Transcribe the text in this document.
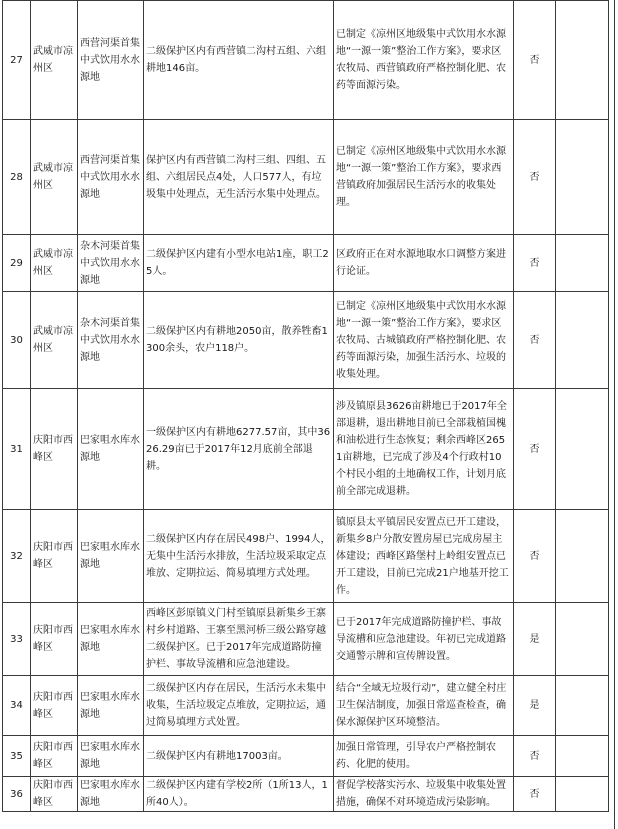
27	武威市凉州区	西营河渠首集中式饮用水水源地	二级保护区内有西营镇二沟村五组、六组耕地146亩。	已制定《凉州区地级集中式饮用水水源地“一源一策”整治工作方案》，要求区农牧局、西营镇政府严格控制化肥、农药等面源污染。	否	
28	武威市凉州区	西营河渠首集中式饮用水水源地	保护区内有西营镇二沟村三组、四组、五组、六组居民点4处，人口577人，有垃圾集中处理点，无生活污水集中处理点。	已制定《凉州区地级集中式饮用水水源地“一源一策”整治工作方案》，要求西营镇政府加强居民生活污水的收集处理。	否	
29	武威市凉州区	杂木河渠首集中式饮用水水源地	二级保护区内建有小型水电站1座，职工25人。	区政府正在对水源地取水口调整方案进行论证。	否	
30	武威市凉州区	杂木河渠首集中式饮用水水源地	二级保护区内有耕地2050亩，散养牲畜1300余头，农户118户。	已制定《凉州区地级集中式饮用水水源地“一源一策”整治工作方案》，要求区农牧局、古城镇政府严格控制化肥、农药等面源污染，加强生活污水、垃圾的收集处理。	否	
31	庆阳市西峰区	巴家咀水库水源地	一级保护区内有耕地6277.57亩，其中3626.29亩已于2017年12月底前全部退耕。	涉及镇原县3626亩耕地已于2017年全部退耕，退出耕地目前已全部栽植国槐和油松进行生态恢复；剩余西峰区2651亩耕地，已完成了涉及4个行政村10个村民小组的土地确权工作，计划月底前全部完成退耕。	否	
32	庆阳市西峰区	巴家咀水库水源地	二级保护区内存在居民498户、1994人，无集中生活污水排放，生活垃圾采取定点堆放、定期拉运、简易填埋方式处理。	镇原县太平镇居民安置点已开工建设，新集乡8户分散安置房屋已完成房屋主体建设；西峰区路堡村上岭组安置点已开工建设，目前已完成21户地基开挖工作。	否	
33	庆阳市西峰区	巴家咀水库水源地	西峰区彭原镇义门村至镇原县新集乡王寨村乡村道路、王寨至黑河桥三级公路穿越二级保护区。已于2017年完成道路防撞护栏、事故导流槽和应急池建设。	已于2017年完成道路防撞护栏、事故导流槽和应急池建设。年初已完成道路交通警示牌和宣传牌设置。	是	
34	庆阳市西峰区	巴家咀水库水源地	二级保护区内存在居民，生活污水未集中收集，生活垃圾定点堆放，定期拉运，通过简易填埋方式处置。	结合“全域无垃圾行动”，建立健全村庄卫生保洁制度，加强日常巡查检查，确保水源保护区环境整洁。	是	
35	庆阳市西峰区	巴家咀水库水源地	二级保护区内有耕地17003亩。	加强日常管理，引导农户严格控制农药、化肥的使用。	否	
36	庆阳市西峰区	巴家咀水库水源地	二级保护区内建有学校2所（1所13人，1所40人）。	督促学校落实污水、垃圾集中收集处置措施，确保不对环境造成污染影响。	否	
